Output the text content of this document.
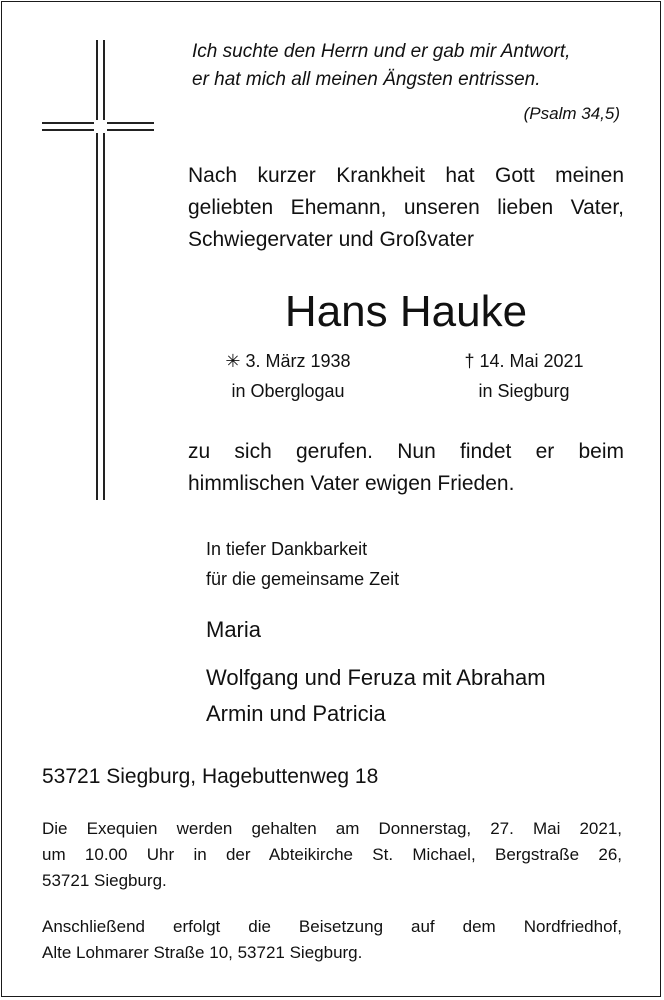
Ich suchte den Herrn und er gab mir Antwort,
er hat mich all meinen Ängsten entrissen.
(Psalm 34,5)
Nach kurzer Krankheit hat Gott meinen
geliebten Ehemann, unseren lieben Vater,
Schwiegervater und Großvater
Hans Hauke
✳ 3. März 1938
in Oberglogau
† 14. Mai 2021
in Siegburg
zu sich gerufen. Nun findet er beim
himmlischen Vater ewigen Frieden.
In tiefer Dankbarkeit
für die gemeinsame Zeit
Maria
Wolfgang und Feruza mit Abraham
Armin und Patricia
53721 Siegburg, Hagebuttenweg 18
Die Exequien werden gehalten am Donnerstag, 27. Mai 2021,
um 10.00 Uhr in der Abteikirche St. Michael, Bergstraße 26,
53721 Siegburg.
Anschließend erfolgt die Beisetzung auf dem Nordfriedhof,
Alte Lohmarer Straße 10, 53721 Siegburg.
